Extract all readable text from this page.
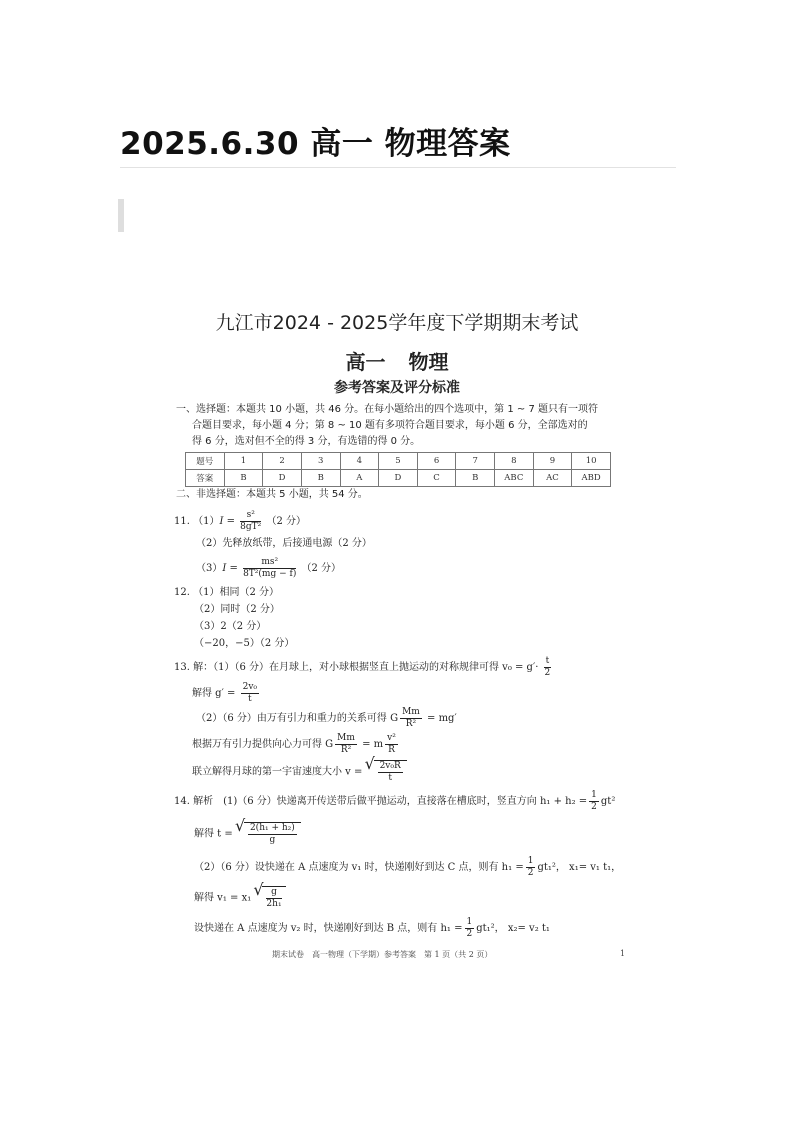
2025.6.30 高一 物理答案
九江市2024 - 2025学年度下学期期末考试
高一 物理
参考答案及评分标准
一、选择题：本题共 10 小题，共 46 分。在每小题给出的四个选项中，第 1 ~ 7 题只有一项符
合题目要求，每小题 4 分；第 8 ~ 10 题有多项符合题目要求，每小题 6 分，全部选对的
得 6 分，选对但不全的得 3 分，有选错的得 0 分。
题号	1	2	3	4	5	6	7	8	9	10
答案	B	D	B	A	D	C	B	ABC	AC	ABD
二、非选择题：本题共 5 小题，共 54 分。
11. $(1)I = \frac{\text{s²}}{\text{8gT²}} (2$ 分）
（2）先释放纸带，后接通电源（2 分）
$(3)I = \frac{\text{ms²}}{\text{8T²(mg − f)}} (2$ 分）
12. （1）相同（2 分）
（2）同时（2 分）
（3）2（2 分）
（−20，−5）（2 分）
13. 解：（1）（6 分）在月球上，对小球根据竖直上抛运动的对称规律可得 $v_0 = g'\cdot \frac{t}{2}$
解得 $g' = \frac{\text{2v₀}}{t}$
（2）（6 分）由万有引力和重力的关系可得 G $\frac{Mm}{\text{R²}} = mg'$
根据万有引力提供向心力可得 G $\frac{Mm}{\text{R²}} = m \frac{\text{v²}}{R}$
联立解得月球的第一宇宙速度大小 v = √ $\frac{\text{2v₀R}}{t}$
14. 解析　(1)（6 分）快递离开传送带后做平抛运动，直接落在槽底时，竖直方向 $h_1 + h_2 = \frac{1}{2} gt^2$
解得 t = √ $\frac{\text{2(h₁ + h₂)}}{g}$
（2）（6 分）设快递在 A 点速度为 v₁ 时，快递刚好到达 C 点，则有 $h_1 = \frac{1}{2} gt_1^2$， x₁= v₁ t₁，
解得 v₁ = x₁ √ $\frac{g}{\text{2h₁}}$
设快递在 A 点速度为 v₂ 时，快递刚好到达 B 点，则有 $h_1 = \frac{1}{2} gt_1^2$， x₂= v₂ t₁
期末试卷　高一物理（下学期）参考答案　第 1 页（共 2 页）	1
